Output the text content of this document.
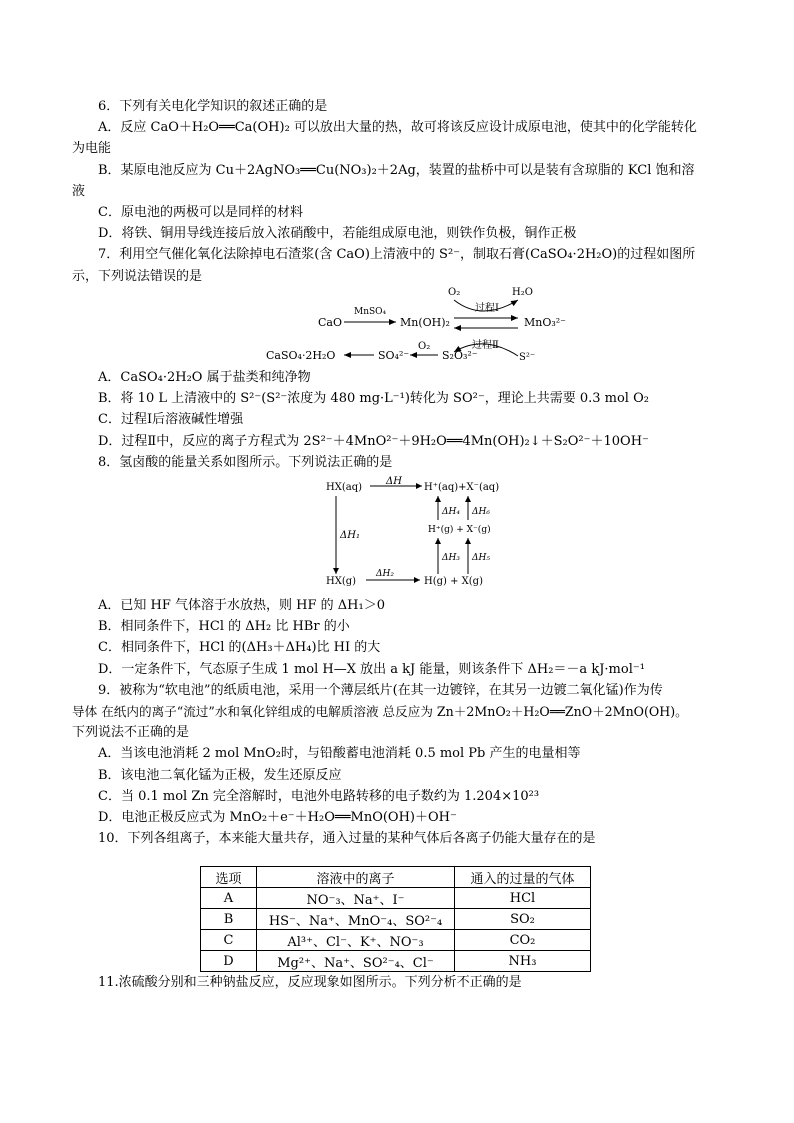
6．下列有关电化学知识的叙述正确的是
A．反应 CaO＋H₂O══Ca(OH)₂ 可以放出大量的热，故可将该反应设计成原电池，使其中的化学能转化
为电能
B．某原电池反应为 Cu＋2AgNO₃══Cu(NO₃)₂＋2Ag，装置的盐桥中可以是装有含琼脂的 KCl 饱和溶
液
C．原电池的两极可以是同样的材料
D．将铁、铜用导线连接后放入浓硝酸中，若能组成原电池，则铁作负极，铜作正极
7．利用空气催化氧化法除掉电石渣浆(含 CaO)上清液中的 S²⁻，制取石膏(CaSO₄·2H₂O)的过程如图所
示，下列说法错误的是
CaO
MnSO₄
Mn(OH)₂
O₂	H₂O
过程Ⅰ
MnO₃²⁻
O₂	过程Ⅱ
S²⁻
CaSO₄·2H₂O	SO₄²⁻	S₂O₃²⁻
A．CaSO₄·2H₂O 属于盐类和纯净物
B．将 10 L 上清液中的 S²⁻(S²⁻浓度为 480 mg·L⁻¹)转化为 SO²⁻，理论上共需要 0.3 mol O₂
C．过程Ⅰ后溶液碱性增强
D．过程Ⅱ中，反应的离子方程式为 2S²⁻＋4MnO²⁻＋9H₂O══4Mn(OH)₂↓＋S₂O²⁻＋10OH⁻
8．氢卤酸的能量关系如图所示。下列说法正确的是
HX(aq)
ΔH
H⁺(aq)+X⁻(aq)
ΔH₁
ΔH₄ ΔH₆
H⁺(g) + X⁻(g)
ΔH₃ ΔH₅
HX(g)
ΔH₂
H(g) + X(g)
A．已知 HF 气体溶于水放热，则 HF 的 ΔH₁＞0
B．相同条件下，HCl 的 ΔH₂ 比 HBr 的小
C．相同条件下，HCl 的(ΔH₃＋ΔH₄)比 HI 的大
D．一定条件下，气态原子生成 1 mol H—X 放出 a kJ 能量，则该条件下 ΔH₂＝－a kJ·mol⁻¹
9．被称为“软电池”的纸质电池，采用一个薄层纸片(在其一边镀锌，在其另一边镀二氧化锰)作为传
导体 在纸内的离子“流过”水和氧化锌组成的电解质溶液 总反应为 Zn＋2MnO₂＋H₂O══ZnO＋2MnO(OH)。
下列说法不正确的是
A．当该电池消耗 2 mol MnO₂时，与铅酸蓄电池消耗 0.5 mol Pb 产生的电量相等
B．该电池二氧化锰为正极，发生还原反应
C．当 0.1 mol Zn 完全溶解时，电池外电路转移的电子数约为 1.204×10²³
D．电池正极反应式为 MnO₂＋e⁻＋H₂O══MnO(OH)＋OH⁻
10．下列各组离子，本来能大量共存，通入过量的某种气体后各离子仍能大量存在的是
选项	溶液中的离子	通入的过量的气体
A	NO⁻₃、Na⁺、I⁻	HCl
B	HS⁻、Na⁺、MnO⁻₄、SO²⁻₄	SO₂
C	Al³⁺、Cl⁻、K⁺、NO⁻₃	CO₂
D	Mg²⁺、Na⁺、SO²⁻₄、Cl⁻	NH₃
11.浓硫酸分别和三种钠盐反应，反应现象如图所示。下列分析不正确的是
